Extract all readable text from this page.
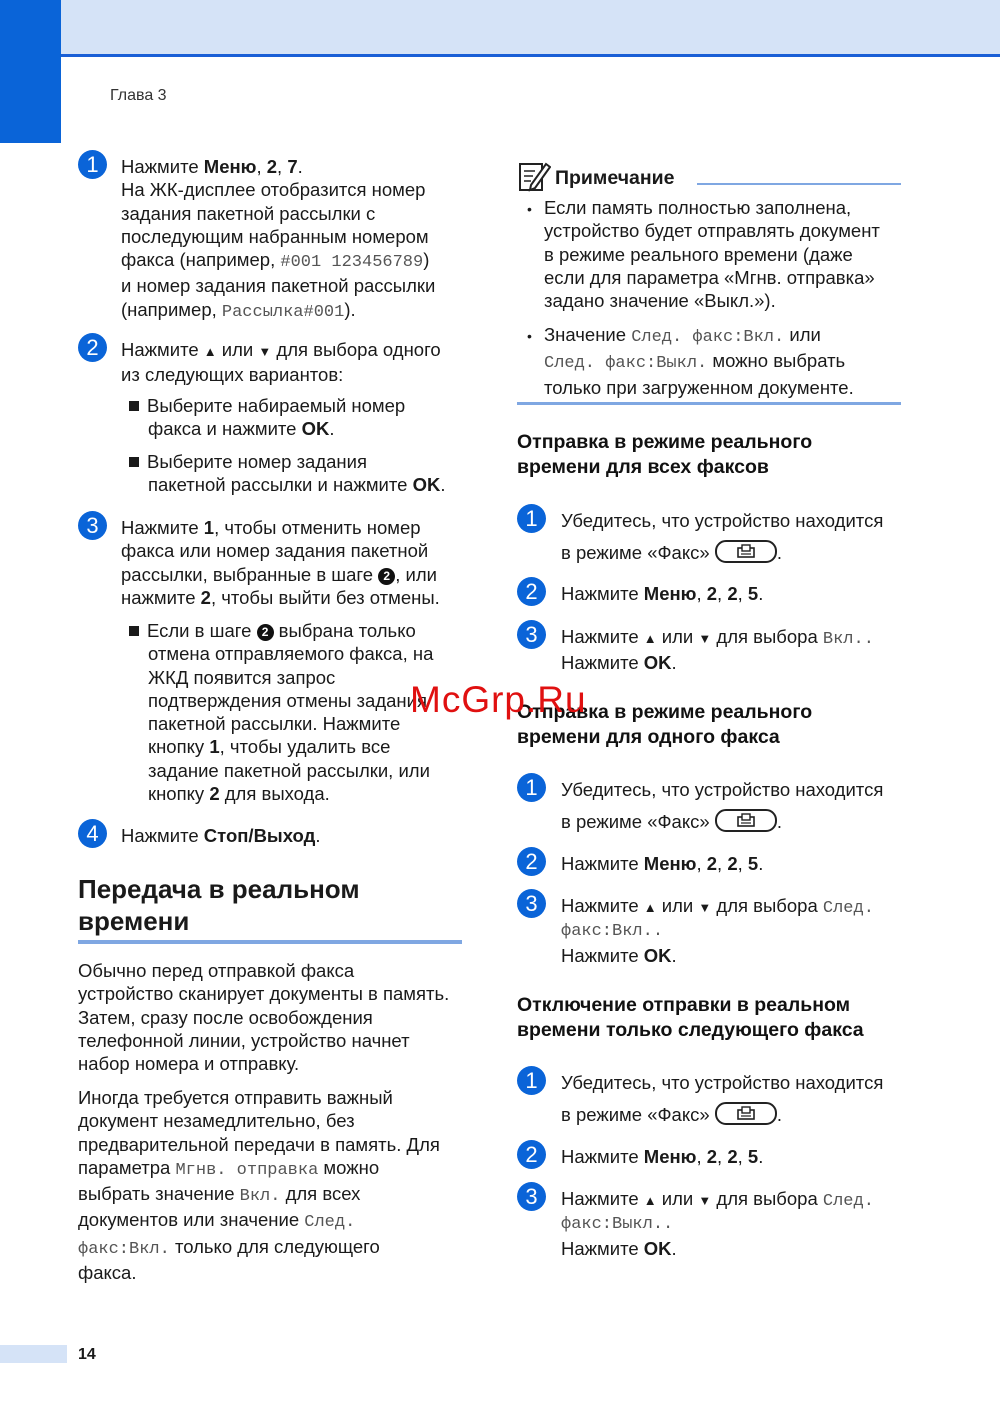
Глава 3
1	Нажмите Меню, 2, 7.
На ЖК-дисплее отобразится номер
задания пакетной рассылки с
последующим набранным номером
факса (например, #001 123456789)
и номер задания пакетной рассылки
(например, Рассылка#001).
2	Нажмите ▲ или ▼ для выбора одного
из следующих вариантов:
Выберите набираемый номер
факса и нажмите OK.
Выберите номер задания
пакетной рассылки и нажмите OK.
3	Нажмите 1, чтобы отменить номер
факса или номер задания пакетной
рассылки, выбранные в шаге 2 , или
нажмите 2, чтобы выйти без отмены.
Если в шаге 2 выбрана только
отмена отправляемого факса, на
ЖКД появится запрос
подтверждения отмены задания
пакетной рассылки. Нажмите
кнопку 1, чтобы удалить все
задание пакетной рассылки, или
кнопку 2 для выхода.
4	Нажмите Стоп/Выход.
Передача в реальном
времени
Обычно перед отправкой факса
устройство сканирует документы в память.
Затем, сразу после освобождения
телефонной линии, устройство начнет
набор номера и отправку.
Иногда требуется отправить важный
документ незамедлительно, без
предварительной передачи в память. Для
параметра Мгнв. отправка можно
выбрать значение Вкл. для всех
документов или значение След.
факс:Вкл. только для следующего
факса.
Примечание
• Если память полностью заполнена,
устройство будет отправлять документ
в режиме реального времени (даже
если для параметра «Мгнв. отправка»
задано значение «Выкл.»).
• Значение След. факс:Вкл. или
След. факс:Выкл. можно выбрать
только при загруженном документе.
Отправка в режиме реального
времени для всех факсов
1	Убедитесь, что устройство находится
в режиме «Факс»	.
2	Нажмите Меню, 2, 2, 5.
3	Нажмите ▲ или ▼ для выбора Вкл..
Нажмите OK.
Отправка в режиме реального
времени для одного факса
1	Убедитесь, что устройство находится
в режиме «Факс»	.
2	Нажмите Меню, 2, 2, 5.
3	Нажмите ▲ или ▼ для выбора След.
факс:Вкл..
Нажмите OK.
Отключение отправки в реальном
времени только следующего факса
1	Убедитесь, что устройство находится
в режиме «Факс»	.
2	Нажмите Меню, 2, 2, 5.
3	Нажмите ▲ или ▼ для выбора След.
факс:Выкл..
Нажмите OK.
McGrp.Ru
14
